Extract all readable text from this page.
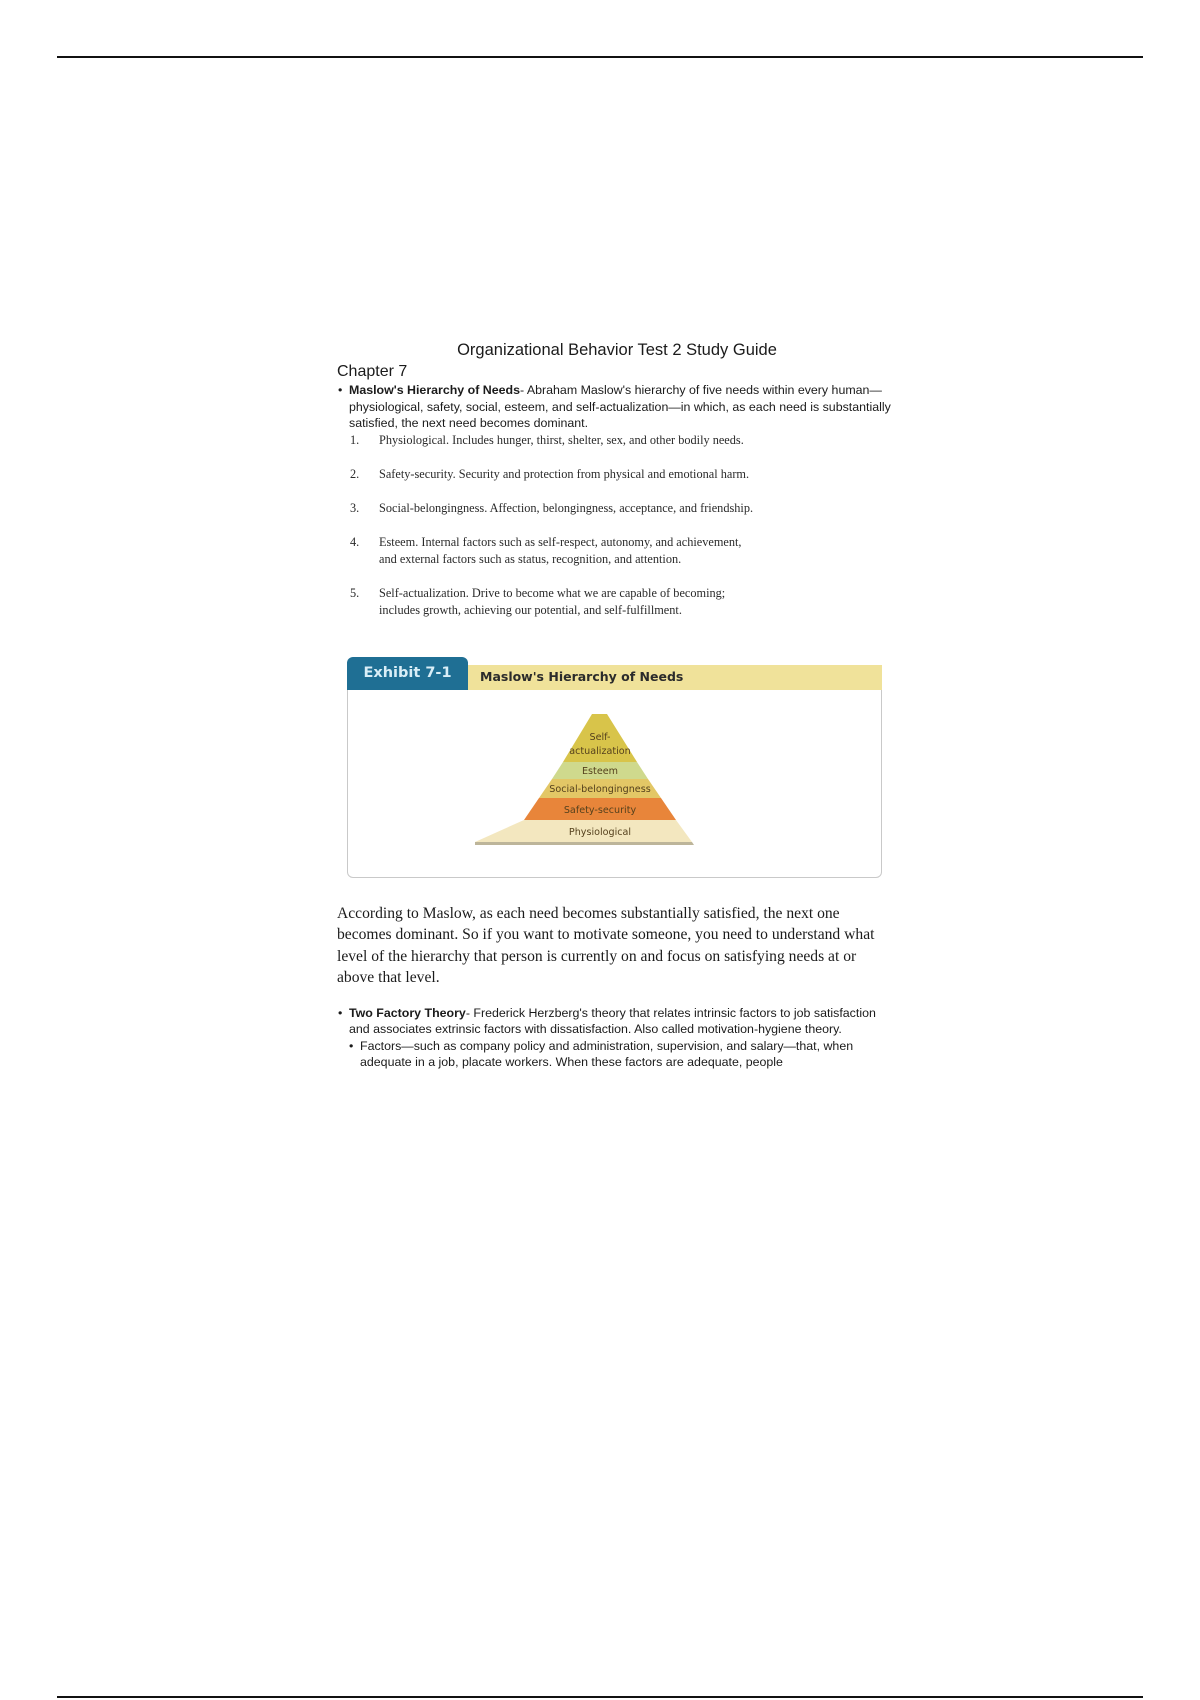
Organizational Behavior Test 2 Study Guide

Chapter 7

• Maslow's Hierarchy of Needs- Abraham Maslow's hierarchy of five needs within every human—physiological, safety, social, esteem, and self-actualization—in which, as each need is substantially satisfied, the next need becomes dominant.

1. Physiological. Includes hunger, thirst, shelter, sex, and other bodily needs.
2. Safety-security. Security and protection from physical and emotional harm.
3. Social-belongingness. Affection, belongingness, acceptance, and friendship.
4. Esteem. Internal factors such as self-respect, autonomy, and achievement,
and external factors such as status, recognition, and attention.
5. Self-actualization. Drive to become what we are capable of becoming;
includes growth, achieving our potential, and self-fulfillment.
Maslow's Hierarchy of Needs
Exhibit 7-1
Self-
actualization
Esteem
Social-belongingness
Safety-security
Physiological

According to Maslow, as each need becomes substantially satisfied, the next one becomes dominant. So if you want to motivate someone, you need to understand what level of the hierarchy that person is currently on and focus on satisfying needs at or above that level.

• Two Factory Theory- Frederick Herzberg's theory that relates intrinsic factors to job satisfaction and associates extrinsic factors with dissatisfaction. Also called motivation-hygiene theory.

• Factors—such as company policy and administration, supervision, and salary—that, when adequate in a job, placate workers. When these factors are adequate, people
